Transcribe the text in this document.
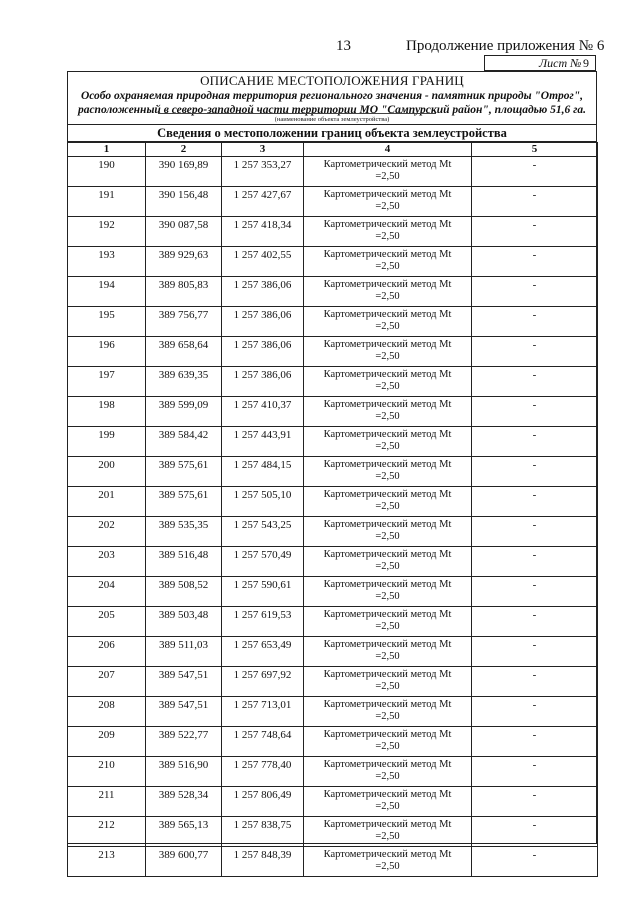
13	Продолжение приложения № 6
Лист № 9
ОПИСАНИЕ МЕСТОПОЛОЖЕНИЯ ГРАНИЦ
Особо охраняемая природная территория регионального значения - памятник природы "Отрог",
расположенный в северо-западной части территории МО "Сампурский район", площадью 51,6 га.
(наименование объекта землеустройства)
Сведения о местоположении границ объекта землеустройства
1	2	3	4	5
190	390 169,89	1 257 353,27	Картометрический метод Mt
=2,50	-
191	390 156,48	1 257 427,67	Картометрический метод Mt
=2,50	-
192	390 087,58	1 257 418,34	Картометрический метод Mt
=2,50	-
193	389 929,63	1 257 402,55	Картометрический метод Mt
=2,50	-
194	389 805,83	1 257 386,06	Картометрический метод Mt
=2,50	-
195	389 756,77	1 257 386,06	Картометрический метод Mt
=2,50	-
196	389 658,64	1 257 386,06	Картометрический метод Mt
=2,50	-
197	389 639,35	1 257 386,06	Картометрический метод Mt
=2,50	-
198	389 599,09	1 257 410,37	Картометрический метод Mt
=2,50	-
199	389 584,42	1 257 443,91	Картометрический метод Mt
=2,50	-
200	389 575,61	1 257 484,15	Картометрический метод Mt
=2,50	-
201	389 575,61	1 257 505,10	Картометрический метод Mt
=2,50	-
202	389 535,35	1 257 543,25	Картометрический метод Mt
=2,50	-
203	389 516,48	1 257 570,49	Картометрический метод Mt
=2,50	-
204	389 508,52	1 257 590,61	Картометрический метод Mt
=2,50	-
205	389 503,48	1 257 619,53	Картометрический метод Mt
=2,50	-
206	389 511,03	1 257 653,49	Картометрический метод Mt
=2,50	-
207	389 547,51	1 257 697,92	Картометрический метод Mt
=2,50	-
208	389 547,51	1 257 713,01	Картометрический метод Mt
=2,50	-
209	389 522,77	1 257 748,64	Картометрический метод Mt
=2,50	-
210	389 516,90	1 257 778,40	Картометрический метод Mt
=2,50	-
211	389 528,34	1 257 806,49	Картометрический метод Mt
=2,50	-
212	389 565,13	1 257 838,75	Картометрический метод Mt
=2,50	-
213	389 600,77	1 257 848,39	Картометрический метод Mt
=2,50	-
